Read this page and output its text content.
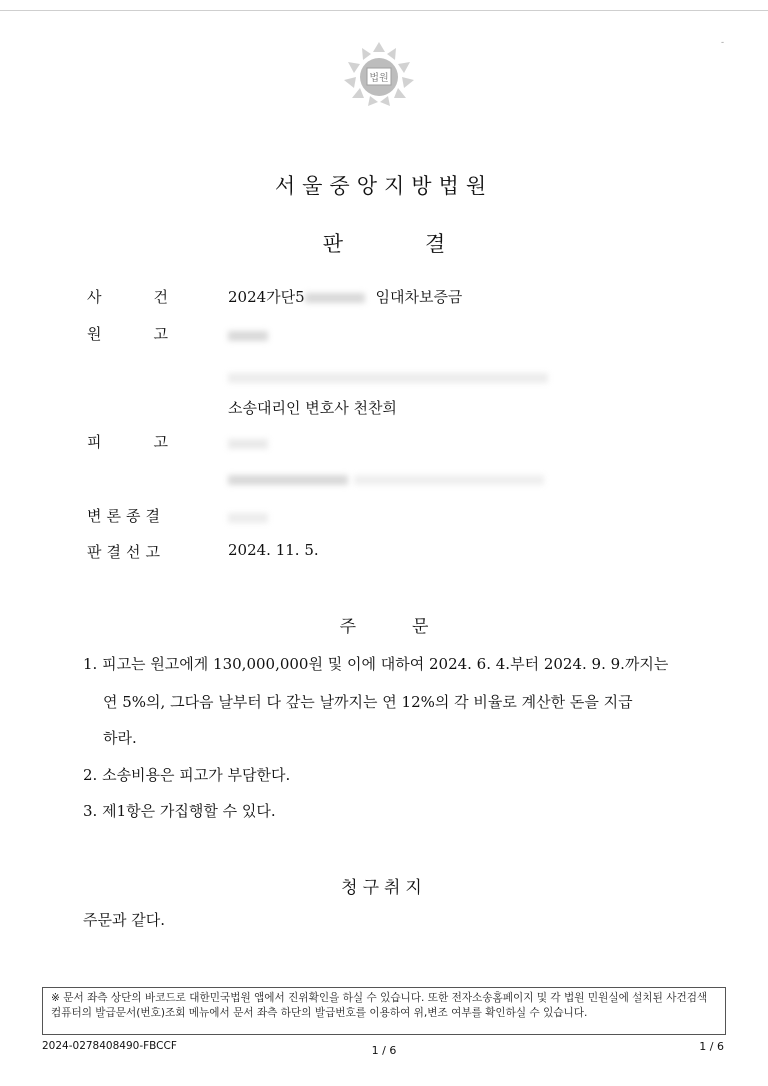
-
법원
서울중앙지방법원
판	결
사	건	2024가단5	임대차보증금
원	고
소송대리인 변호사 천찬희
피	고
변론종결
판결선고	2024. 11. 5.
주	문
1. 피고는 원고에게 130,000,000원 및 이에 대하여 2024. 6. 4.부터 2024. 9. 9.까지는
연 5%의, 그다음 날부터 다 갚는 날까지는 연 12%의 각 비율로 계산한 돈을 지급
하라.
2. 소송비용은 피고가 부담한다.
3. 제1항은 가집행할 수 있다.
청구취지
주문과 같다.
※ 문서 좌측 상단의 바코드로 대한민국법원 앱에서 진위확인을 하실 수 있습니다. 또한 전자소송홈페이지 및 각 법원 민원실에 설치된 사건검색 컴퓨터의 발급문서(번호)조회 메뉴에서 문서 좌측 하단의 발급번호를 이용하여 위,변조 여부를 확인하실 수 있습니다.
2024-0278408490-FBCCF	1 / 6	1 / 6
